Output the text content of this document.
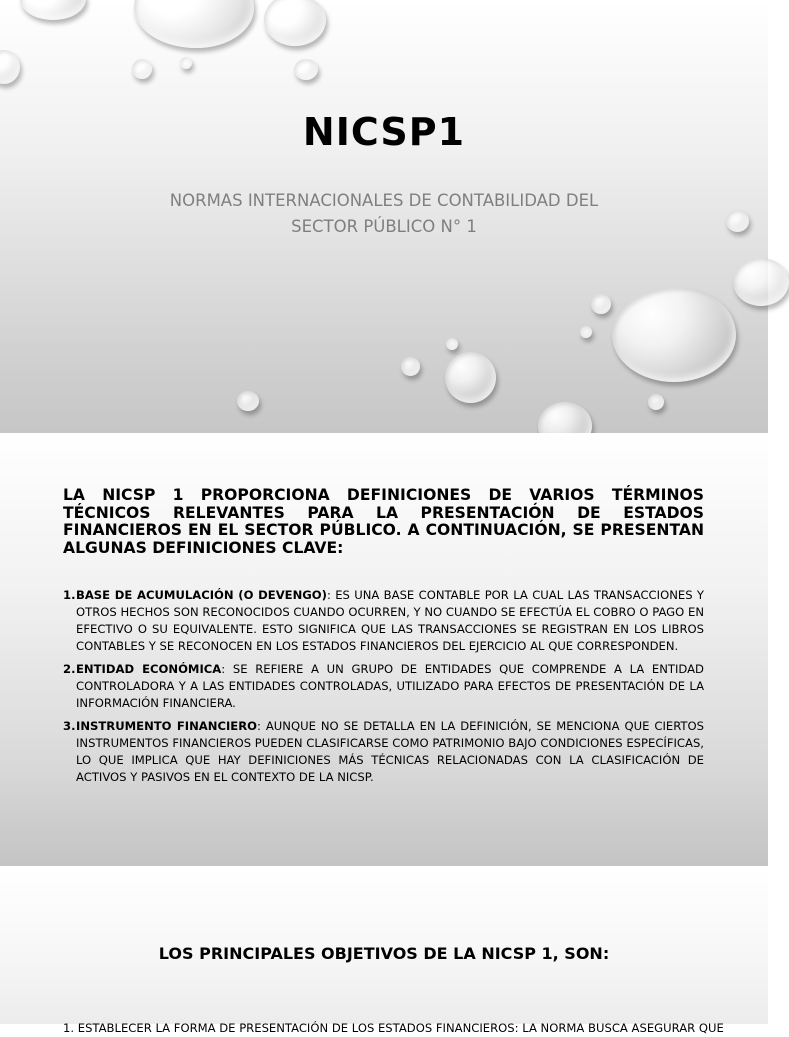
NICSP1

NORMAS INTERNACIONALES DE CONTABILIDAD DEL SECTOR PÚBLICO N° 1

LA NICSP 1 PROPORCIONA DEFINICIONES DE VARIOS TÉRMINOS TÉCNICOS RELEVANTES PARA LA PRESENTACIÓN DE ESTADOS FINANCIEROS EN EL SECTOR PÚBLICO. A CONTINUACIÓN, SE PRESENTAN ALGUNAS DEFINICIONES CLAVE:

1. BASE DE ACUMULACIÓN (O DEVENGO): ES UNA BASE CONTABLE POR LA CUAL LAS TRANSACCIONES Y OTROS HECHOS SON RECONOCIDOS CUANDO OCURREN, Y NO CUANDO SE EFECTÚA EL COBRO O PAGO EN EFECTIVO O SU EQUIVALENTE. ESTO SIGNIFICA QUE LAS TRANSACCIONES SE REGISTRAN EN LOS LIBROS CONTABLES Y SE RECONOCEN EN LOS ESTADOS FINANCIEROS DEL EJERCICIO AL QUE CORRESPONDEN.
2. ENTIDAD ECONÓMICA: SE REFIERE A UN GRUPO DE ENTIDADES QUE COMPRENDE A LA ENTIDAD CONTROLADORA Y A LAS ENTIDADES CONTROLADAS, UTILIZADO PARA EFECTOS DE PRESENTACIÓN DE LA INFORMACIÓN FINANCIERA.
3. INSTRUMENTO FINANCIERO: AUNQUE NO SE DETALLA EN LA DEFINICIÓN, SE MENCIONA QUE CIERTOS INSTRUMENTOS FINANCIEROS PUEDEN CLASIFICARSE COMO PATRIMONIO BAJO CONDICIONES ESPECÍFICAS, LO QUE IMPLICA QUE HAY DEFINICIONES MÁS TÉCNICAS RELACIONADAS CON LA CLASIFICACIÓN DE ACTIVOS Y PASIVOS EN EL CONTEXTO DE LA NICSP.
LOS PRINCIPALES OBJETIVOS DE LA NICSP 1, SON:
1. ESTABLECER LA FORMA DE PRESENTACIÓN DE LOS ESTADOS FINANCIEROS: LA NORMA BUSCA ASEGURAR QUE
